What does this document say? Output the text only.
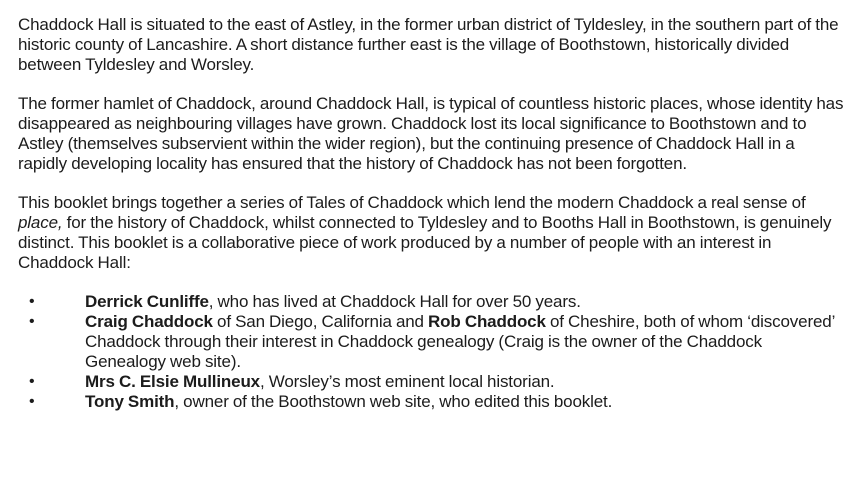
Chaddock Hall is situated to the east of Astley, in the former urban district of Tyldesley, in the southern part of the historic county of Lancashire. A short distance further east is the village of Boothstown, historically divided between Tyldesley and Worsley.

The former hamlet of Chaddock, around Chaddock Hall, is typical of countless historic places, whose identity has disappeared as neighbouring villages have grown. Chaddock lost its local significance to Boothstown and to Astley (themselves subservient within the wider region), but the continuing presence of Chaddock Hall in a rapidly developing locality has ensured that the history of Chaddock has not been forgotten.

This booklet brings together a series of Tales of Chaddock which lend the modern Chaddock a real sense of place, for the history of Chaddock, whilst connected to Tyldesley and to Booths Hall in Boothstown, is genuinely distinct. This booklet is a collaborative piece of work produced by a number of people with an interest in Chaddock Hall:

•	Derrick Cunliffe, who has lived at Chaddock Hall for over 50 years.
•	Craig Chaddock of San Diego, California and Rob Chaddock of Cheshire, both of whom ‘discovered’ Chaddock through their interest in Chaddock genealogy (Craig is the owner of the Chaddock Genealogy web site).
•	Mrs C. Elsie Mullineux, Worsley’s most eminent local historian.
•	Tony Smith, owner of the Boothstown web site, who edited this booklet.
